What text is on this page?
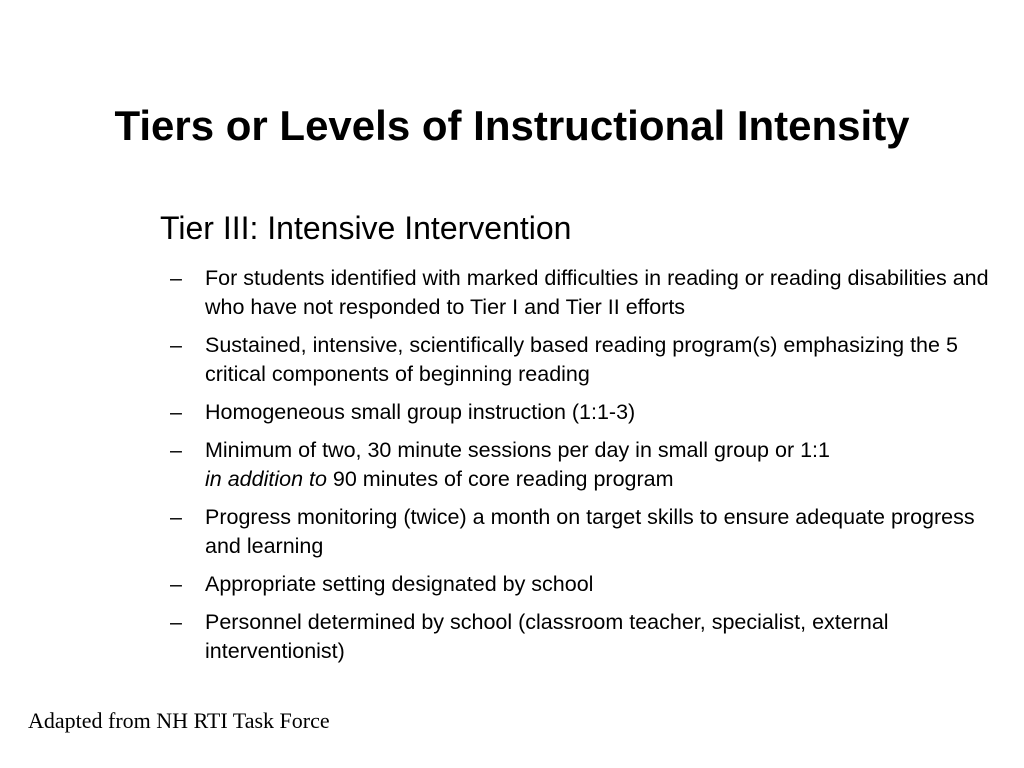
Tiers or Levels of Instructional Intensity
Tier III: Intensive Intervention
– For students identified with marked difficulties in reading or reading disabilities and who have not responded to Tier I and Tier II efforts
– Sustained, intensive, scientifically based reading program(s) emphasizing the 5 critical components of beginning reading
– Homogeneous small group instruction (1:1-3)
– Minimum of two, 30 minute sessions per day in small group or 1:1
in addition to 90 minutes of core reading program
– Progress monitoring (twice) a month on target skills to ensure adequate progress and learning
– Appropriate setting designated by school
– Personnel determined by school (classroom teacher, specialist, external interventionist)
Adapted from NH RTI Task Force
